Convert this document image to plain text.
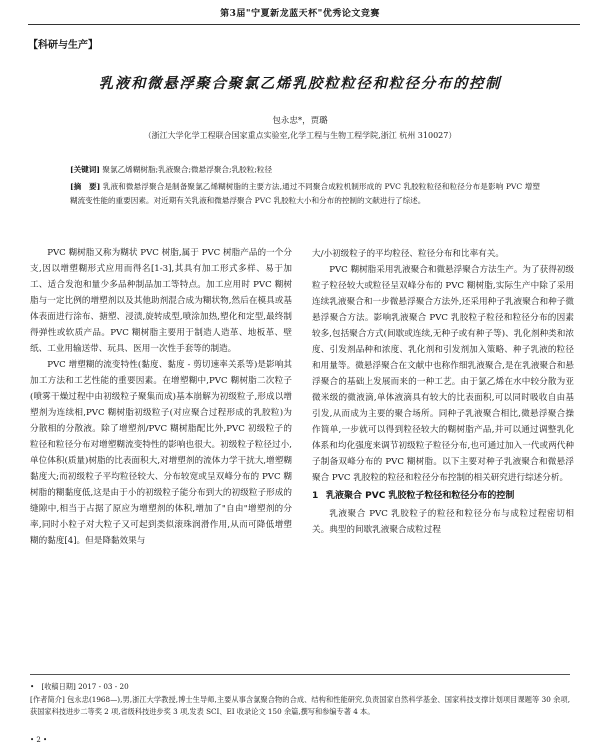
第3届"宁夏新龙蓝天杯"优秀论文竞赛
【科研与生产】
乳液和微悬浮聚合聚氯乙烯乳胶粒粒径和粒径分布的控制
包永忠*，贾璐
（浙江大学化学工程联合国家重点实验室,化学工程与生物工程学院,浙江 杭州 310027）
[关键词] 聚氯乙烯糊树脂;乳液聚合;微悬浮聚合;乳胶粒;粒径
[摘　要] 乳液和微悬浮聚合是制备聚氯乙烯糊树脂的主要方法,通过不同聚合成粒机制形成的 PVC 乳胶粒粒径和粒径分布是影响 PVC 增塑糊流变性能的重要因素。对近期有关乳液和微悬浮聚合 PVC 乳胶粒大小和分布的控制的文献进行了综述。

PVC 糊树脂又称为糊状 PVC 树脂,属于 PVC 树脂产品的一个分支,因以增塑糊形式应用而得名[1-3],其具有加工形式多样、易于加工、适合发泡和量少多品种制品加工等特点。加工应用时 PVC 糊树脂与一定比例的增塑剂以及其他助剂混合成为糊状物,然后在模具或基体表面进行涂布、搪塑、浸渍,旋转成型,喷涂加热,塑化和定型,最终制得弹性或软质产品。PVC 糊树脂主要用于制造人造革、地板革、壁纸、工业用输送带、玩具、医用一次性手套等的制造。

PVC 增塑糊的流变特性(黏度、黏度 - 剪切速率关系等)是影响其加工方法和工艺性能的重要因素。在增塑糊中,PVC 糊树脂二次粒子(喷雾干燥过程中由初级粒子聚集而成)基本崩解为初级粒子,形成以增塑剂为连续相,PVC 糊树脂初级粒子(对应聚合过程形成的乳胶粒)为分散相的分散液。除了增塑剂/PVC 糊树脂配比外,PVC 初级粒子的粒径和粒径分布对增塑糊流变特性的影响也很大。初级粒子粒径过小,单位体积(质量)树脂的比表面积大,对增塑剂的流体力学干扰大,增塑糊黏度大;而初级粒子平均粒径较大、分布较宽或呈双峰分布的 PVC 糊树脂的糊黏度低,这是由于小的初级粒子能分布到大的初级粒子形成的缝隙中,相当于占据了原应为增塑剂的体积,增加了"自由"增塑剂的分率,同时小粒子对大粒子又可起到类似滚珠润滑作用,从而可降低增塑糊的黏度[4]。但是降黏效果与

大/小初级粒子的平均粒径、粒径分布和比率有关。

PVC 糊树脂采用乳液聚合和微悬浮聚合方法生产。为了获得初级粒子粒径较大或粒径呈双峰分布的 PVC 糊树脂,实际生产中除了采用连续乳液聚合和一步微悬浮聚合方法外,还采用种子乳液聚合和种子微悬浮聚合方法。影响乳液聚合 PVC 乳胶粒子粒径和粒径分布的因素较多,包括聚合方式(间歇或连续,无种子或有种子等)、乳化剂种类和浓度、引发剂品种和浓度、乳化剂和引发剂加入策略、种子乳液的粒径和用量等。微悬浮聚合在文献中也称作细乳液聚合,是在乳液聚合和悬浮聚合的基础上发展而来的一种工艺。由于氯乙烯在水中较分散为亚微米级的微液滴,单体液滴具有较大的比表面积,可以同时吸收自由基引发,从而成为主要的聚合场所。同种子乳液聚合相比,微悬浮聚合操作简单,一步就可以得到粒径较大的糊树脂产品,并可以通过调整乳化体系和均化强度来调节初级粒子粒径分布,也可通过加入一代或两代种子制备双峰分布的 PVC 糊树脂。以下主要对种子乳液聚合和微悬浮聚合 PVC 乳胶粒的粒径和粒径分布控制的相关研究进行综述分析。

1 乳液聚合 PVC 乳胶粒子粒径和粒径分布的控制

乳液聚合 PVC 乳胶粒子的粒径和粒径分布与成粒过程密切相关。典型的间歇乳液聚合成粒过程

•　[收稿日期] 2017 - 03 - 20
[作者简介] 包永忠(1968—),男,浙江大学教授,博士生导师,主要从事含氯聚合物的合成、结构和性能研究,负责国家自然科学基金、国家科技支撑计划项目课题等 30 余项,获国家科技进步二等奖 2 项,省级科技进步奖 3 项,发表 SCI、EI 收录论文 150 余篇,撰写和参编专著 4 本。
• 2 •
